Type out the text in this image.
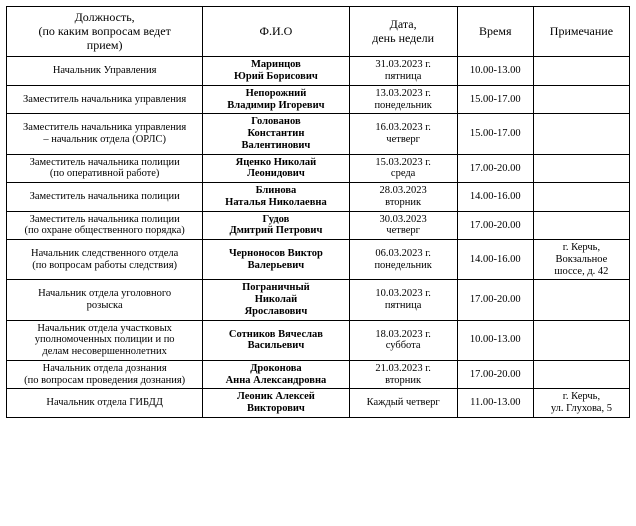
Должность,
(по каким вопросам ведет
прием)
	Ф.И.О	Дата,
день недели	Время	Примечание
Начальник Управления	Маринцов
Юрий Борисович	31.03.2023 г.
пятница	10.00-13.00	
Заместитель начальника управления	Непорожний
Владимир Игоревич	13.03.2023 г.
понедельник	15.00-17.00	
Заместитель начальника управления
– начальник отдела (ОРЛС)	Голованов
Константин
Валентинович	16.03.2023 г.
четверг	15.00-17.00	
Заместитель начальника полиции
(по оперативной работе)	Яценко Николай
Леонидович	15.03.2023 г.
среда	17.00-20.00	
Заместитель начальника полиции	Блинова
Наталья Николаевна	28.03.2023
вторник	14.00-16.00	
Заместитель начальника полиции
(по охране общественного порядка)	Гудов
Дмитрий Петрович	30.03.2023
четверг	17.00-20.00	
Начальник следственного отдела
(по вопросам работы следствия)	Черноносов Виктор
Валерьевич	06.03.2023 г.
понедельник	14.00-16.00	г. Керчь,
Вокзальное
шоссе, д. 42
Начальник отдела уголовного
розыска	Пограничный
Николай
Ярославович	10.03.2023 г.
пятница	17.00-20.00	
Начальник отдела участковых
уполномоченных полиции и по
делам несовершеннолетних	Сотников Вячеслав
Васильевич	18.03.2023 г.
суббота	10.00-13.00	
Начальник отдела дознания
(по вопросам проведения дознания)	Дроконова
Анна Александровна	21.03.2023 г.
вторник	17.00-20.00	
Начальник отдела ГИБДД	Леоник Алексей
Викторович	Каждый четверг	11.00-13.00	г. Керчь,
ул. Глухова, 5
